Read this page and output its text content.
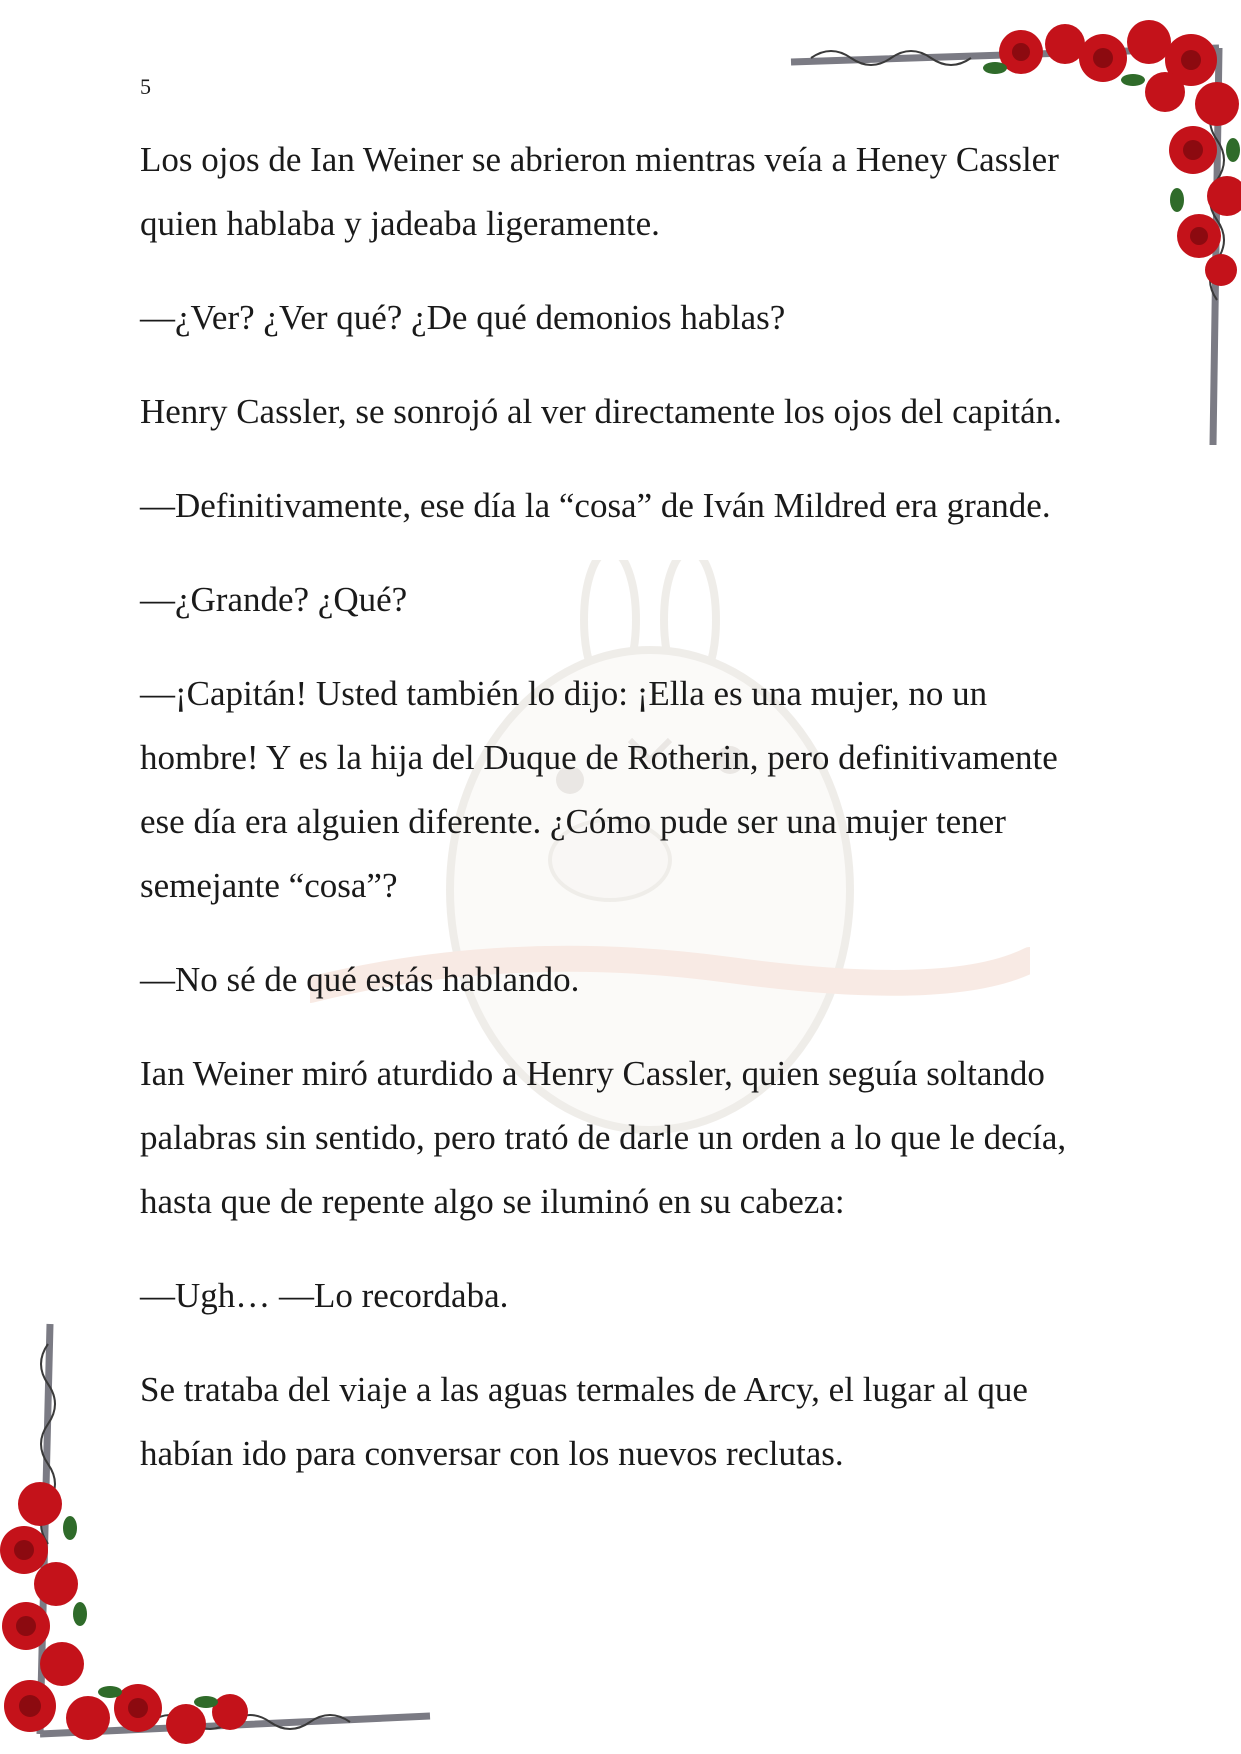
5

Los ojos de Ian Weiner se abrieron mientras veía a Heney Cassler quien hablaba y jadeaba ligeramente.

—¿Ver? ¿Ver qué? ¿De qué demonios hablas?

Henry Cassler, se sonrojó al ver directamente los ojos del capitán.

—Definitivamente, ese día la “cosa” de Iván Mildred era grande.

—¿Grande? ¿Qué?

—¡Capitán! Usted también lo dijo: ¡Ella es una mujer, no un hombre! Y es la hija del Duque de Rotherin, pero definitivamente ese día era alguien diferente. ¿Cómo pude ser una mujer tener semejante “cosa”?

—No sé de qué estás hablando.

Ian Weiner miró aturdido a Henry Cassler, quien seguía soltando palabras sin sentido, pero trató de darle un orden a lo que le decía, hasta que de repente algo se iluminó en su cabeza:

—Ugh… —Lo recordaba.

Se trataba del viaje a las aguas termales de Arcy, el lugar al que habían ido para conversar con los nuevos reclutas.
